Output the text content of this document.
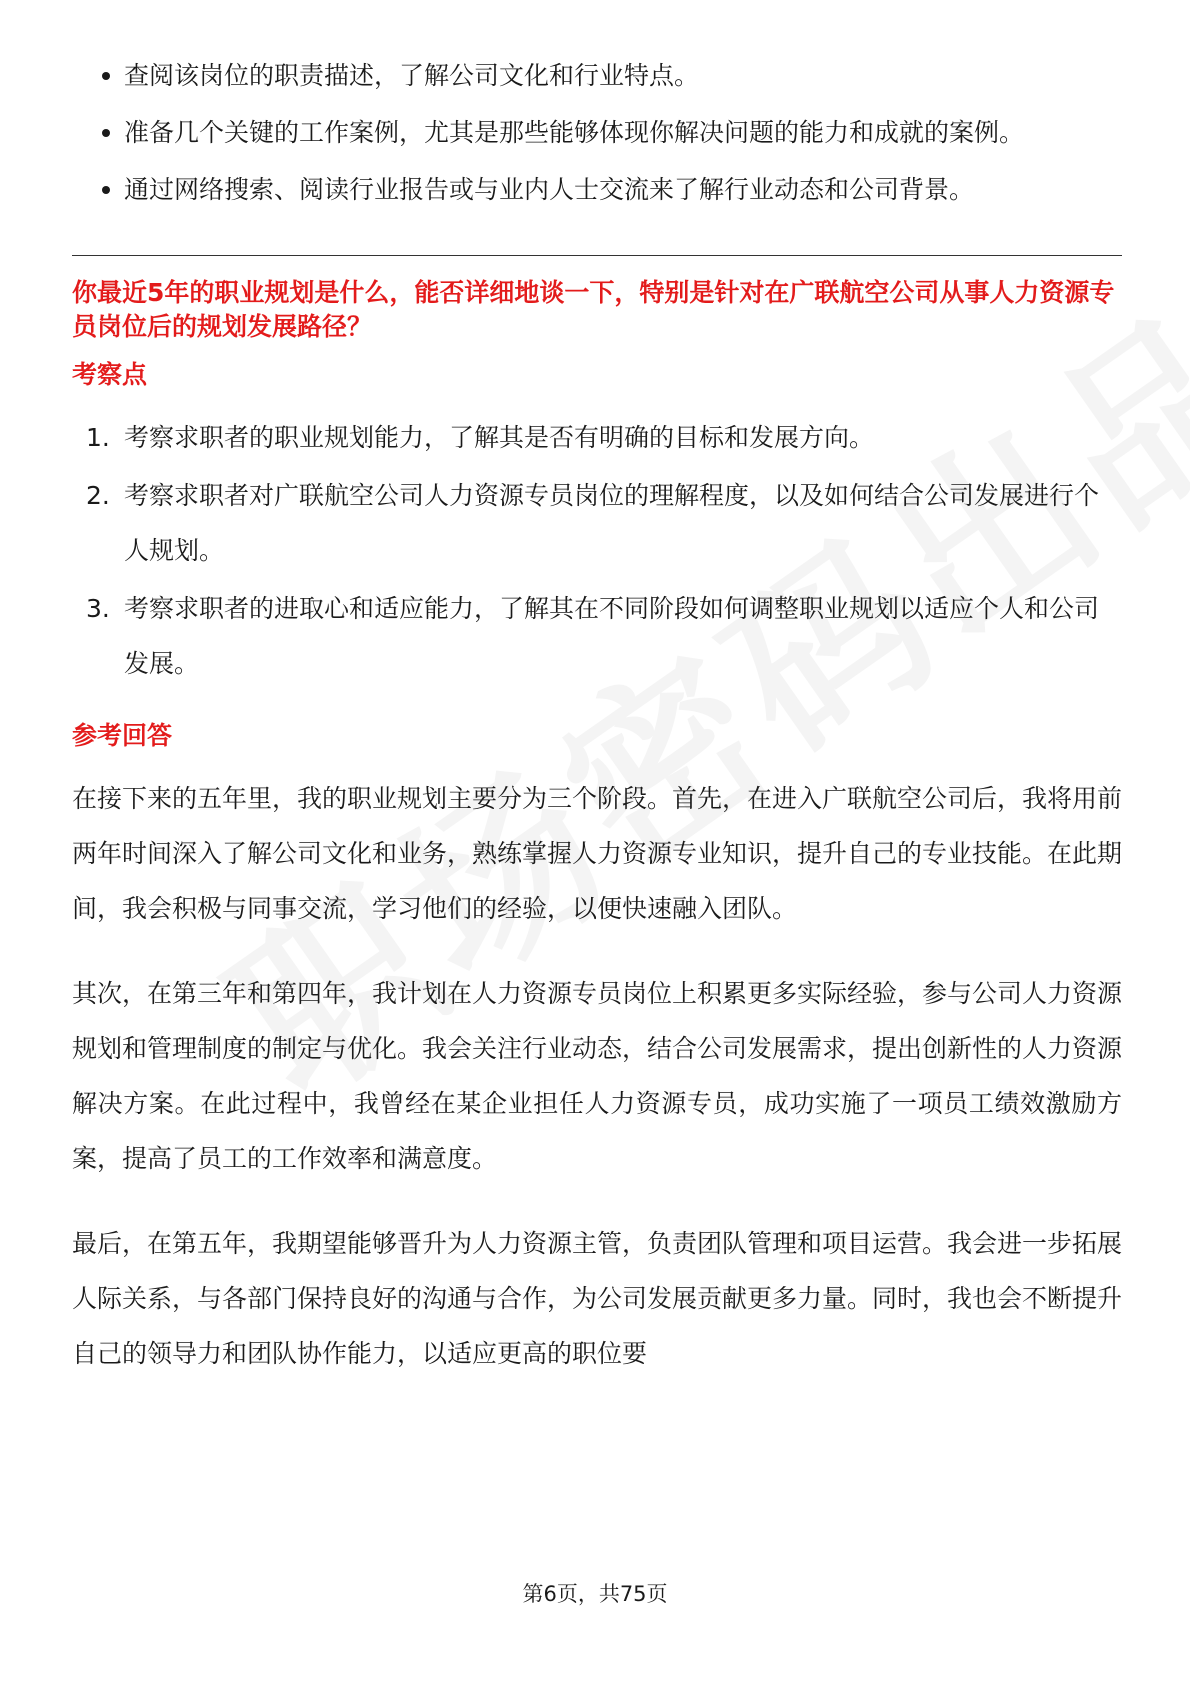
查阅该岗位的职责描述，了解公司文化和行业特点。
准备几个关键的工作案例，尤其是那些能够体现你解决问题的能力和成就的案例。
通过网络搜索、阅读行业报告或与业内人士交流来了解行业动态和公司背景。

你最近5年的职业规划是什么，能否详细地谈一下，特别是针对在广联航空公司从事人力资源专员岗位后的规划发展路径？

考察点
1. 考察求职者的职业规划能力，了解其是否有明确的目标和发展方向。
2. 考察求职者对广联航空公司人力资源专员岗位的理解程度，以及如何结合公司发展进行个人规划。
3. 考察求职者的进取心和适应能力，了解其在不同阶段如何调整职业规划以适应个人和公司发展。
参考回答

在接下来的五年里，我的职业规划主要分为三个阶段。首先，在进入广联航空公司后，我将用前两年时间深入了解公司文化和业务，熟练掌握人力资源专业知识，提升自己的专业技能。在此期间，我会积极与同事交流，学习他们的经验，以便快速融入团队。

其次，在第三年和第四年，我计划在人力资源专员岗位上积累更多实际经验，参与公司人力资源规划和管理制度的制定与优化。我会关注行业动态，结合公司发展需求，提出创新性的人力资源解决方案。在此过程中，我曾经在某企业担任人力资源专员，成功实施了一项员工绩效激励方案，提高了员工的工作效率和满意度。

最后，在第五年，我期望能够晋升为人力资源主管，负责团队管理和项目运营。我会进一步拓展人际关系，与各部门保持良好的沟通与合作，为公司发展贡献更多力量。同时，我也会不断提升自己的领导力和团队协作能力，以适应更高的职位要

第6页，共75页
